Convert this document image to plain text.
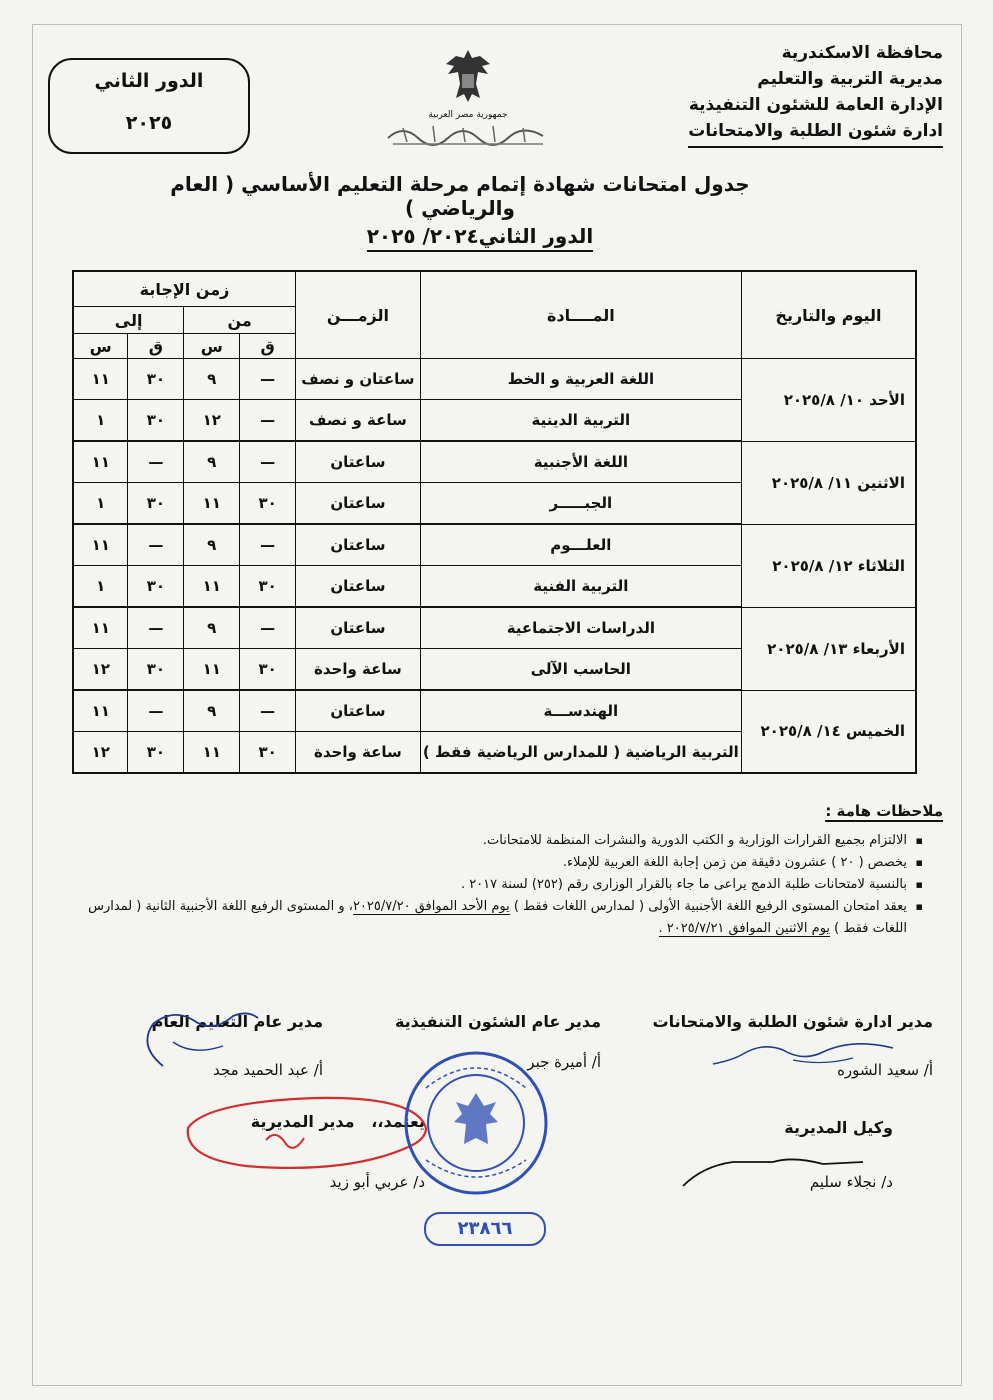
الدور الثاني
٢٠٢٥	جمهورية مصر العربية
محافظة الاسكندرية
مديرية التربية والتعليم
الإدارة العامة للشئون التنفيذية
ادارة شئون الطلبة والامتحانات
جدول امتحانات شهادة إتمام مرحلة التعليم الأساسي ( العام والرياضي )
الدور الثاني٢٠٢٤/ ٢٠٢٥
اليوم والتاريخ	المــــادة	الزمـــن	زمن الإجابة			
			من		إلى	
			ق	س	ق	س
الأحد ١٠/ ٢٠٢٥/٨	اللغة العربية و الخط	ساعتان و نصف	—	٩	٣٠	١١
	التربية الدينية	ساعة و نصف	—	١٢	٣٠	١
الاثنين ١١/ ٢٠٢٥/٨	اللغة الأجنبية	ساعتان	—	٩	—	١١
	الجبـــــر	ساعتان	٣٠	١١	٣٠	١
الثلاثاء ١٢/ ٢٠٢٥/٨	العلـــوم	ساعتان	—	٩	—	١١
	التربية الفنية	ساعتان	٣٠	١١	٣٠	١
الأربعاء ١٣/ ٢٠٢٥/٨	الدراسات الاجتماعية	ساعتان	—	٩	—	١١
	الحاسب الآلى	ساعة واحدة	٣٠	١١	٣٠	١٢
الخميس ١٤/ ٢٠٢٥/٨	الهندســـة	ساعتان	—	٩	—	١١
	التربية الرياضية ( للمدارس الرياضية فقط )	ساعة واحدة	٣٠	١١	٣٠	١٢
ملاحظات هامة :
▪ الالتزام بجميع القرارات الوزارية و الكتب الدورية والنشرات المنظمة للامتحانات.
▪ يخصص ( ٢٠ ) عشرون دقيقة من زمن إجابة اللغة العربية للإملاء.
▪ بالنسبة لامتحانات طلبة الدمج يراعى ما جاء بالقرار الوزارى رقم (٢٥٢) لسنة ٢٠١٧ .
▪ يعقد امتحان المستوى الرفيع اللغة الأجنبية الأولى ( لمدارس اللغات فقط ) يوم الأحد الموافق ٢٠٢٥/٧/٢٠، و المستوى الرفيع اللغة الأجنبية الثانية ( لمدارس اللغات فقط ) يوم الاثنين الموافق ٢٠٢٥/٧/٢١ .
مدير ادارة شئون الطلبة والامتحانات
أ/ سعيد الشوره
مدير عام الشئون التنفيذية
أ/ أميرة جبر
مدير عام التعليم العام
أ/ عبد الحميد مجد
وكيل المديرية
د/ نجلاء سليم
يعتمد،،   مدير المديرية
د/ عربي أبو زيد
٢٣٨٦٦
